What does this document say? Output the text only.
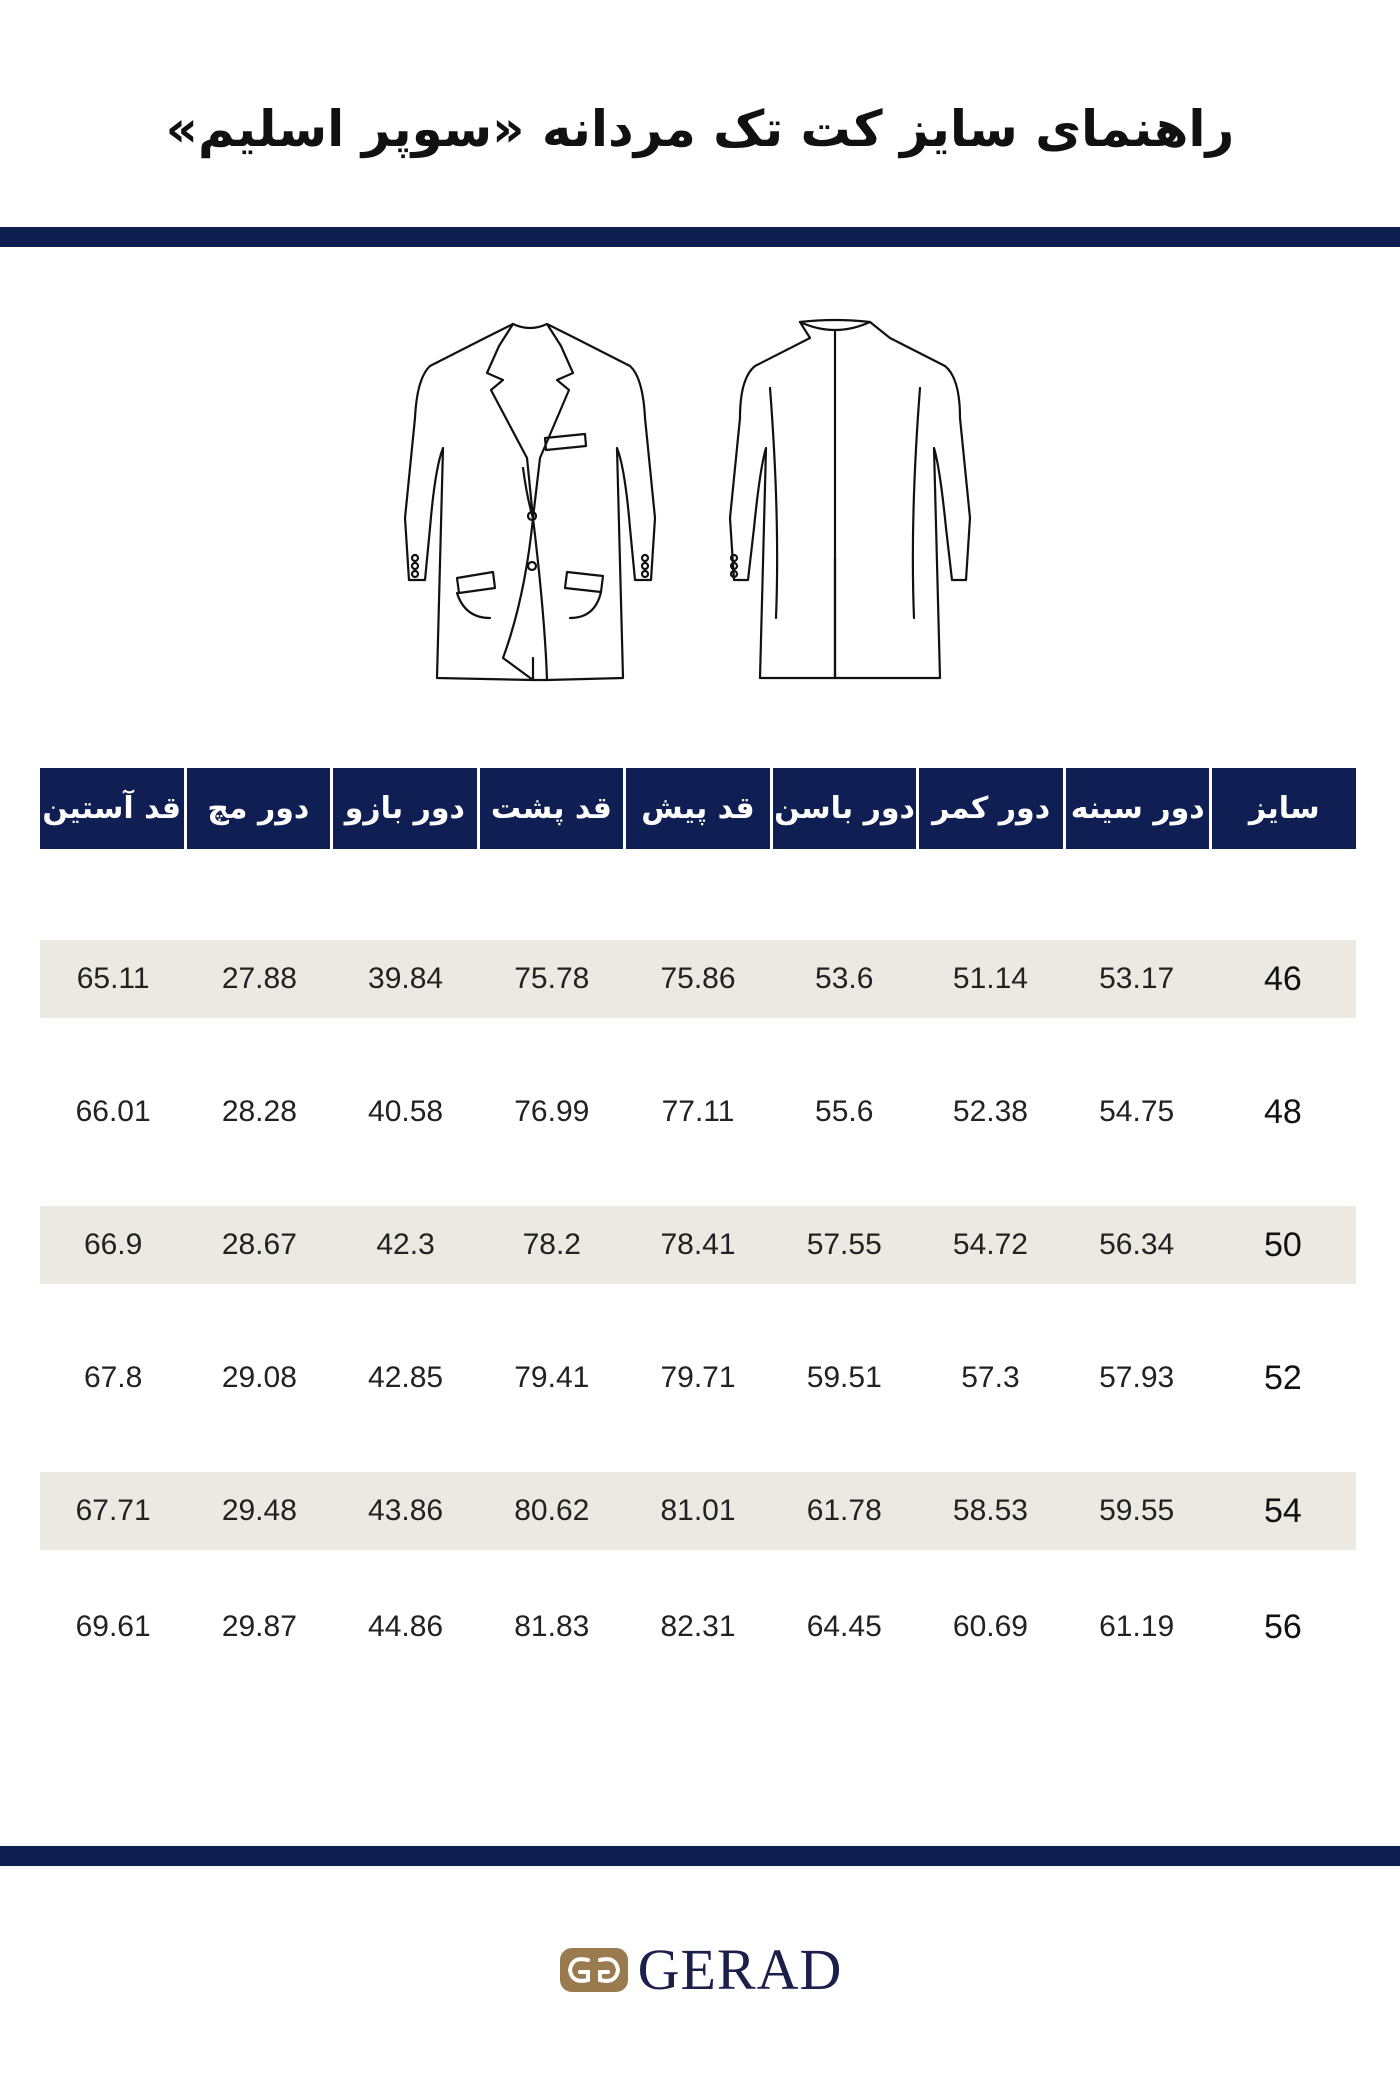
راهنمای سایز کت تک مردانه «سوپر اسلیم»
سایز
دور سینه
دور کمر
دور باسن
قد پیش
قد پشت
دور بازو
دور مچ
قد آستین
46
53.17
51.14
53.6
75.86
75.78
39.84
27.88
65.11
48
54.75
52.38
55.6
77.11
76.99
40.58
28.28
66.01
50
56.34
54.72
57.55
78.41
78.2
42.3
28.67
66.9
52
57.93
57.3
59.51
79.71
79.41
42.85
29.08
67.8
54
59.55
58.53
61.78
81.01
80.62
43.86
29.48
67.71
56
61.19
60.69
64.45
82.31
81.83
44.86
29.87
69.61
GERAD
